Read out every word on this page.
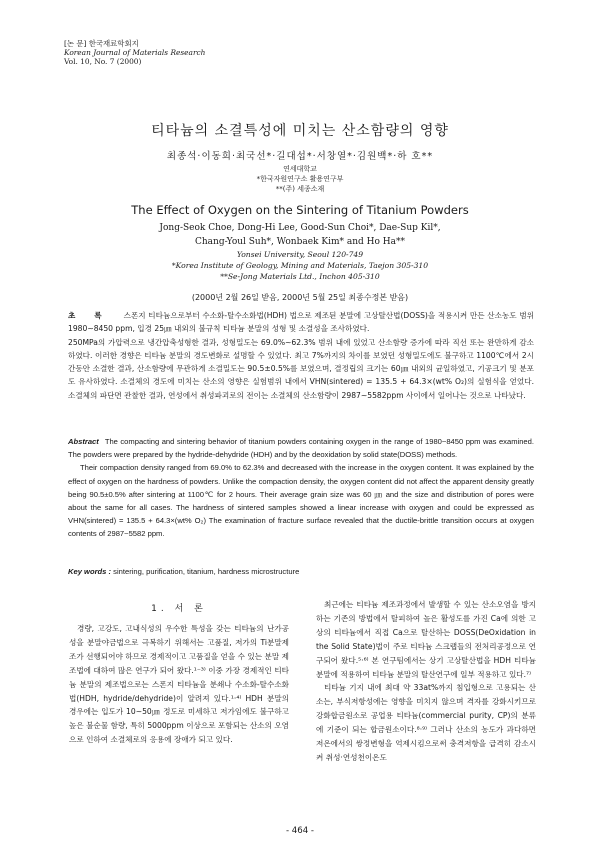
[논 문] 한국재료학회지
Korean Journal of Materials Research
Vol. 10, No. 7 (2000)
티타늄의 소결특성에 미치는 산소함량의 영향
최종석·이동희·최국선*·길대섭*·서창열*·김원백*·하 호**
연세대학교
*한국자원연구소 활용연구부
**(주) 세종소재
The Effect of Oxygen on the Sintering of Titanium Powders
Jong-Seok Choe, Dong-Hi Lee, Good-Sun Choi*, Dae-Sup Kil*,
Chang-Youl Suh*, Wonbaek Kim* and Ho Ha**
Yonsei University, Seoul 120-749
*Korea Institute of Geology, Mining and Materials, Taejon 305-310
**Se-Jong Materials Ltd., Inchon 405-310
(2000년 2월 26일 받음, 2000년 5월 25일 최종수정본 받음)
초 록 스폰지 티타늄으로부터 수소화-탈수소화법(HDH) 법으로 제조된 분말에 고상탈산법(DOSS)을 적용시켜 만든 산소농도 범위 1980~8450 ppm, 입경 25㎛ 내외의 불규칙 티타늄 분말의 성형 및 소결성을 조사하였다.
250MPa의 가압력으로 냉간압축성형한 결과, 성형밀도는 69.0%~62.3% 범위 내에 있었고 산소함량 증가에 따라 직선 또는 완만하게 감소하였다. 이러한 경향은 티타늄 분말의 경도변화로 설명할 수 있었다. 최고 7%까지의 차이를 보였던 성형밀도에도 불구하고 1100℃에서 2시간동안 소결한 결과, 산소함량에 무관하게 소결밀도는 90.5±0.5%를 보였으며, 결정립의 크기는 60㎛ 내외의 균일하였고, 기공크기 및 분포도 유사하였다. 소결체의 경도에 미치는 산소의 영향은 실험범위 내에서 VHN(sintered) = 135.5 + 64.3×(wt% O₂)의 실험식을 얻었다. 소결체의 파단면 관찰한 결과, 연성에서 취성파괴로의 전이는 소결체의 산소함량이 2987~5582ppm 사이에서 일어나는 것으로 나타났다.

Abstract The compacting and sintering behavior of titanium powders containing oxygen in the range of 1980~8450 ppm was examined. The powders were prepared by the hydride-dehydride (HDH) and by the deoxidation by solid state(DOSS) methods.

Their compaction density ranged from 69.0% to 62.3% and decreased with the increase in the oxygen content. It was explained by the effect of oxygen on the hardness of powders. Unlike the compaction density, the oxygen content did not affect the apparent density greatly being 90.5±0.5% after sintering at 1100℃ for 2 hours. Their average grain size was 60 ㎛ and the size and distribution of pores were about the same for all cases. The hardness of sintered samples showed a linear increase with oxygen and could be expressed as VHN(sintered) = 135.5 + 64.3×(wt% O₂) The examination of fracture surface revealed that the ductile-brittle transition occurs at oxygen contents of 2987~5582 ppm.

Key words : sintering, purification, titanium, hardness microstructure
1. 서 론

경량, 고강도, 고내식성의 우수한 특성을 갖는 티타늄의 난가공성을 분말야금법으로 극복하기 위해서는 고품질, 저가의 Ti분말제조가 선행되어야 하므로 경제적이고 고품질을 얻을 수 있는 분말 제조법에 대하여 많은 연구가 되어 왔다.¹⁻³⁾ 이중 가장 경제적인 티타늄 분말의 제조법으로는 스폰지 티타늄을 분쇄나 수소화-탈수소화법(HDH, hydride/dehydride)이 알려져 있다.¹·⁴⁾ HDH 분말의 경우에는 입도가 10~50㎛ 정도로 미세하고 저가임에도 불구하고 높은 불순물 함량, 특히 5000ppm 이상으로 포함되는 산소의 오염으로 인하여 소결체로의 응용에 장애가 되고 있다.

최근에는 티타늄 제조과정에서 발생할 수 있는 산소오염을 방지하는 기존의 방법에서 탈피하여 높은 활성도를 가진 Ca에 의한 고상의 티타늄에서 직접 Ca으로 탈산하는 DOSS(DeOxidation in the Solid State)법이 주로 티타늄 스크랩들의 전처리공정으로 연구되어 왔다.⁵·⁶⁾ 본 연구팀에서는 상기 고상탈산법을 HDH 티타늄 분말에 적용하여 티타늄 분말의 탈산연구에 일부 적용하고 있다.⁷⁾

티타늄 기지 내에 최대 약 33at%까지 침입형으로 고용되는 산소는, 부식저항성에는 영향을 미치지 않으며 격자를 강화시키므로 강화합금원소로 공업용 티타늄(commercial purity, CP)의 분류에 기준이 되는 합금원소이다.⁸·⁹⁾ 그러나 산소의 농도가 과다하면 저온에서의 쌍정변형을 억제시킴으로써 충격저항을 급격히 감소시켜 취성·연성천이온도

- 464 -
